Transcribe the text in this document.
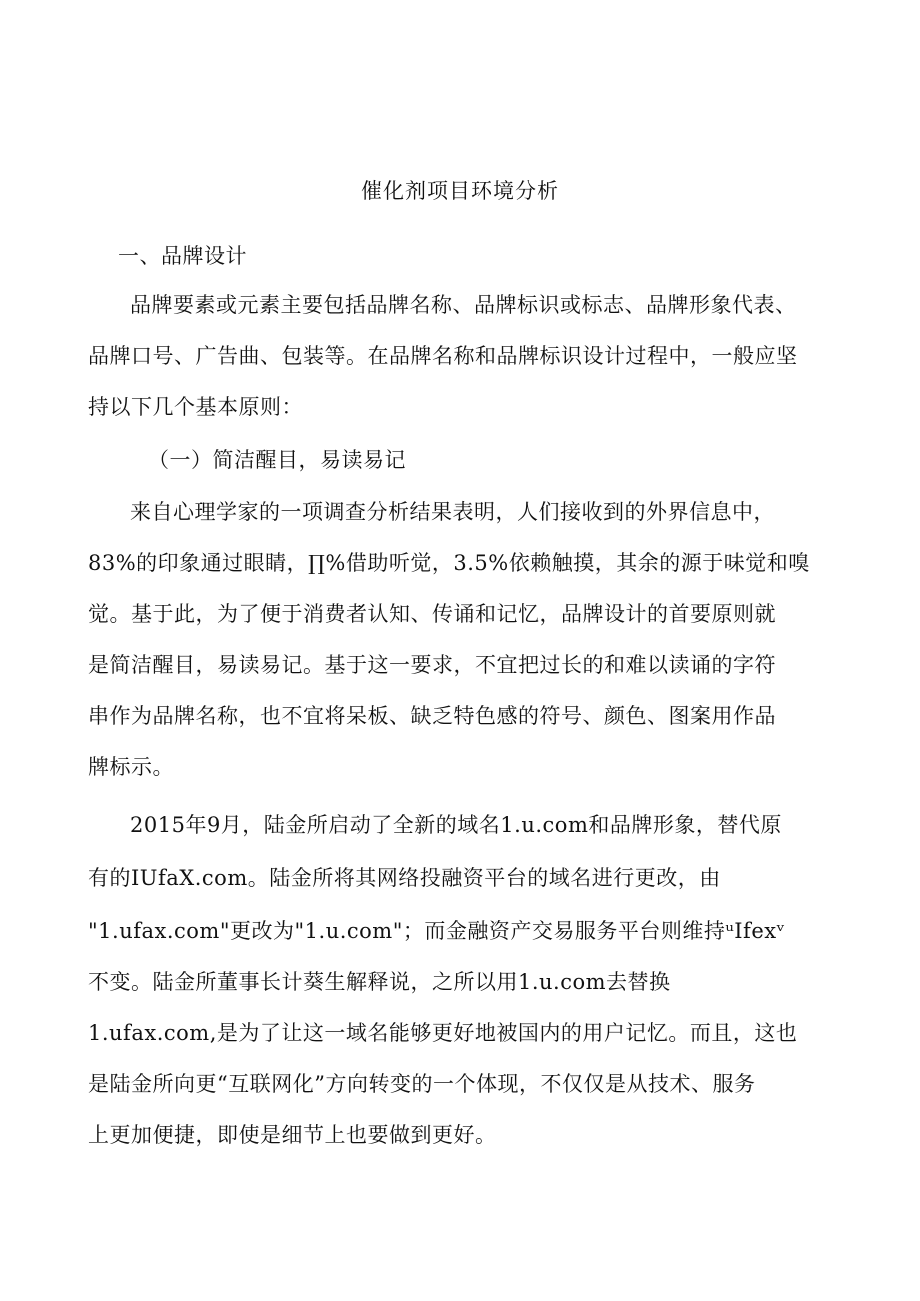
催化剂项目环境分析
一、品牌设计
品牌要素或元素主要包括品牌名称、品牌标识或标志、品牌形象代表、
品牌口号、广告曲、包装等。在品牌名称和品牌标识设计过程中，一般应坚
持以下几个基本原则：
（一）简洁醒目，易读易记
来自心理学家的一项调查分析结果表明，人们接收到的外界信息中，
83%的印象通过眼睛，∏%借助听觉，3.5%依赖触摸，其余的源于味觉和嗅
觉。基于此，为了便于消费者认知、传诵和记忆，品牌设计的首要原则就
是简洁醒目，易读易记。基于这一要求，不宜把过长的和难以读诵的字符
串作为品牌名称，也不宜将呆板、缺乏特色感的符号、颜色、图案用作品
牌标示。
2015年9月，陆金所启动了全新的域名1.u.com和品牌形象，替代原
有的IUfaX.com。陆金所将其网络投融资平台的域名进行更改，由
"1.ufax.com"更改为"1.u.com"；而金融资产交易服务平台则维持ᵘIfexᵛ
不变。陆金所董事长计葵生解释说，之所以用1.u.com去替换
1.ufax.com,是为了让这一域名能够更好地被国内的用户记忆。而且，这也
是陆金所向更“互联网化”方向转变的一个体现，不仅仅是从技术、服务
上更加便捷，即使是细节上也要做到更好。
